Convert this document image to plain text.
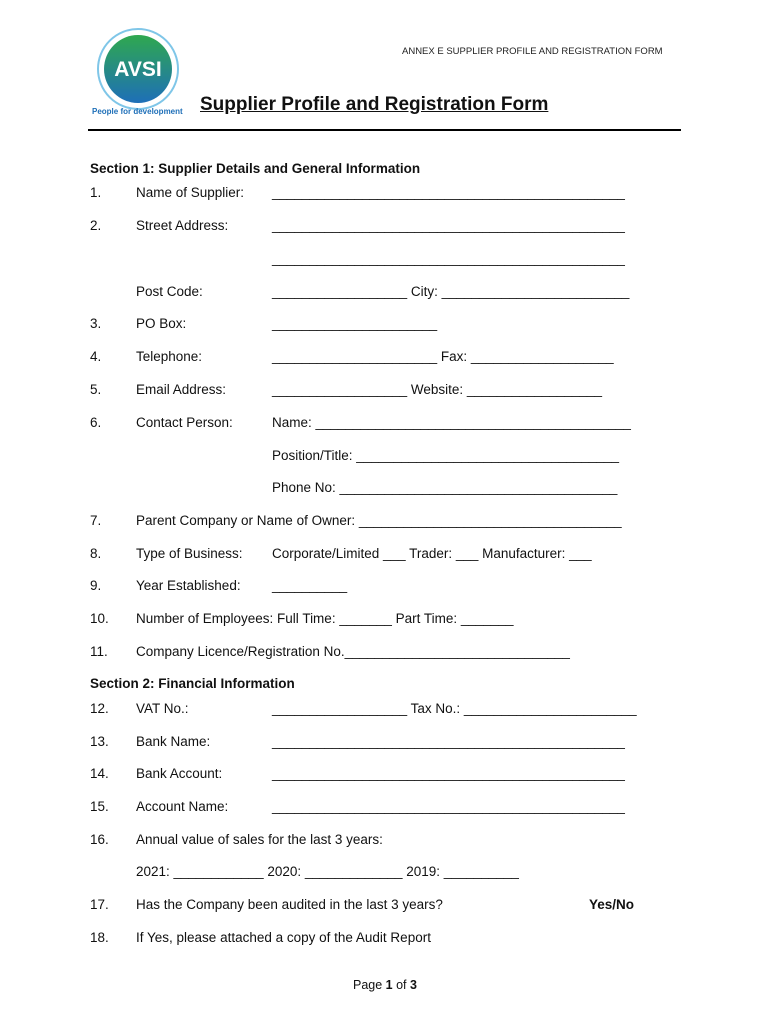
AVSI
People for development
ANNEX E SUPPLIER PROFILE AND REGISTRATION FORM
Supplier Profile and Registration Form
Section 1: Supplier Details and General Information
1.	Name of Supplier: _______________________________________________
2.	Street Address:	_______________________________________________
_______________________________________________
Post Code:	__________________ City: _________________________
3.	PO Box:	______________________
4.	Telephone:	______________________ Fax: ___________________
5.	Email Address:	__________________ Website: __________________
6.	Contact Person:	Name: __________________________________________
Position/Title: ___________________________________
Phone No: _____________________________________
7.	Parent Company or Name of Owner: ___________________________________
8.	Type of Business: Corporate/Limited ___ Trader: ___ Manufacturer: ___
9.	Year Established: __________
10. Number of Employees: Full Time: _______ Part Time: _______
11. Company Licence/Registration No.______________________________
Section 2: Financial Information
12. VAT No.:	__________________ Tax No.: _______________________
13. Bank Name:	_______________________________________________
14. Bank Account:	_______________________________________________
15. Account Name:	_______________________________________________
16. Annual value of sales for the last 3 years:
2021: ____________ 2020: _____________ 2019: __________
17. Has the Company been audited in the last 3 years?	Yes/No
18. If Yes, please attached a copy of the Audit Report
Page 1 of 3
